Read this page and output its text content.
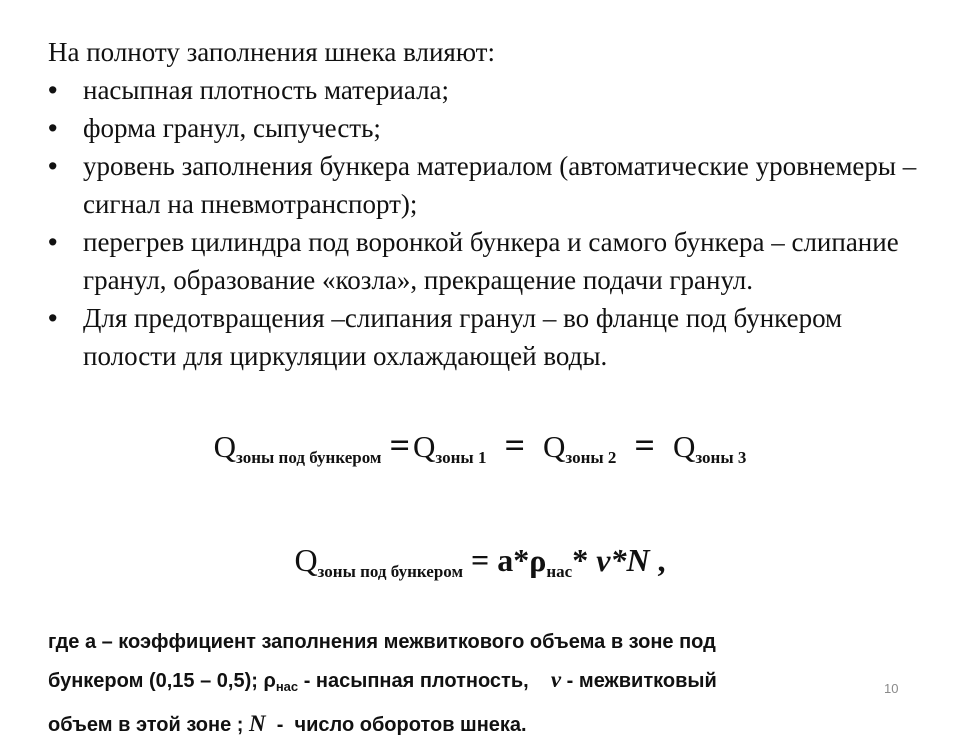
На полноту заполнения шнека влияют:
• насыпная плотность материала;
• форма гранул, сыпучесть;
• уровень заполнения бункера материалом (автоматические уровнемеры – сигнал на пневмотранспорт);
• перегрев цилиндра под воронкой бункера и самого бункера – слипание гранул, образование «козла», прекращение подачи гранул.
• Для предотвращения –слипания гранул – во фланце под бункером полости для циркуляции охлаждающей воды.
$Q_{зоны под бункером} =Q_{зоны 1} = Q_{зоны 2} = Q_{зоны 3}$
$Q_{зоны под бункером} = a*\rho_{нас}*$ v*N ,
где a – коэффициент заполнения межвиткового объема в зоне под
бункером (0,15 – 0,5); $\rho_{нас}$ - насыпная плотность,    v - межвитковый
объем в этой зоне ; N  -  число оборотов шнека.
10
